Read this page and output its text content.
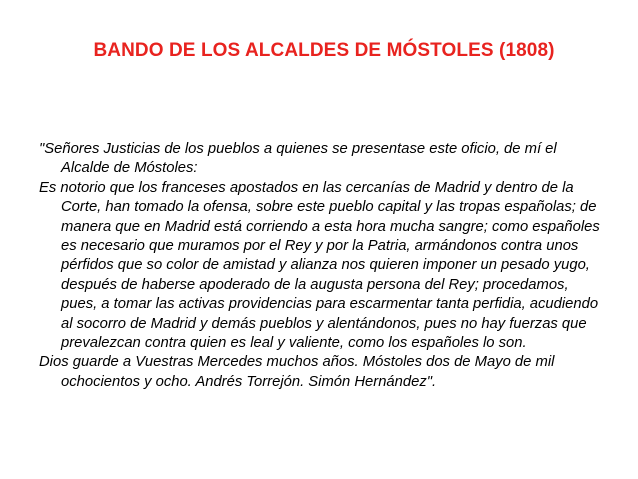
BANDO DE LOS ALCALDES DE MÓSTOLES (1808)

"Señores Justicias de los pueblos a quienes se presentase este oficio, de mí el Alcalde de Móstoles:

Es notorio que los franceses apostados en las cercanías de Madrid y dentro de la Corte, han tomado la ofensa, sobre este pueblo capital y las tropas españolas; de manera que en Madrid está corriendo a esta hora mucha sangre; como españoles es necesario que muramos por el Rey y por la Patria, armándonos contra unos pérfidos que so color de amistad y alianza nos quieren imponer un pesado yugo, después de haberse apoderado de la augusta persona del Rey; procedamos, pues, a tomar las activas providencias para escarmentar tanta perfidia, acudiendo al socorro de Madrid y demás pueblos y alentándonos, pues no hay fuerzas que prevalezcan contra quien es leal y valiente, como los españoles lo son.

Dios guarde a Vuestras Mercedes muchos años. Móstoles dos de Mayo de mil ochocientos y ocho. Andrés Torrejón. Simón Hernández".
